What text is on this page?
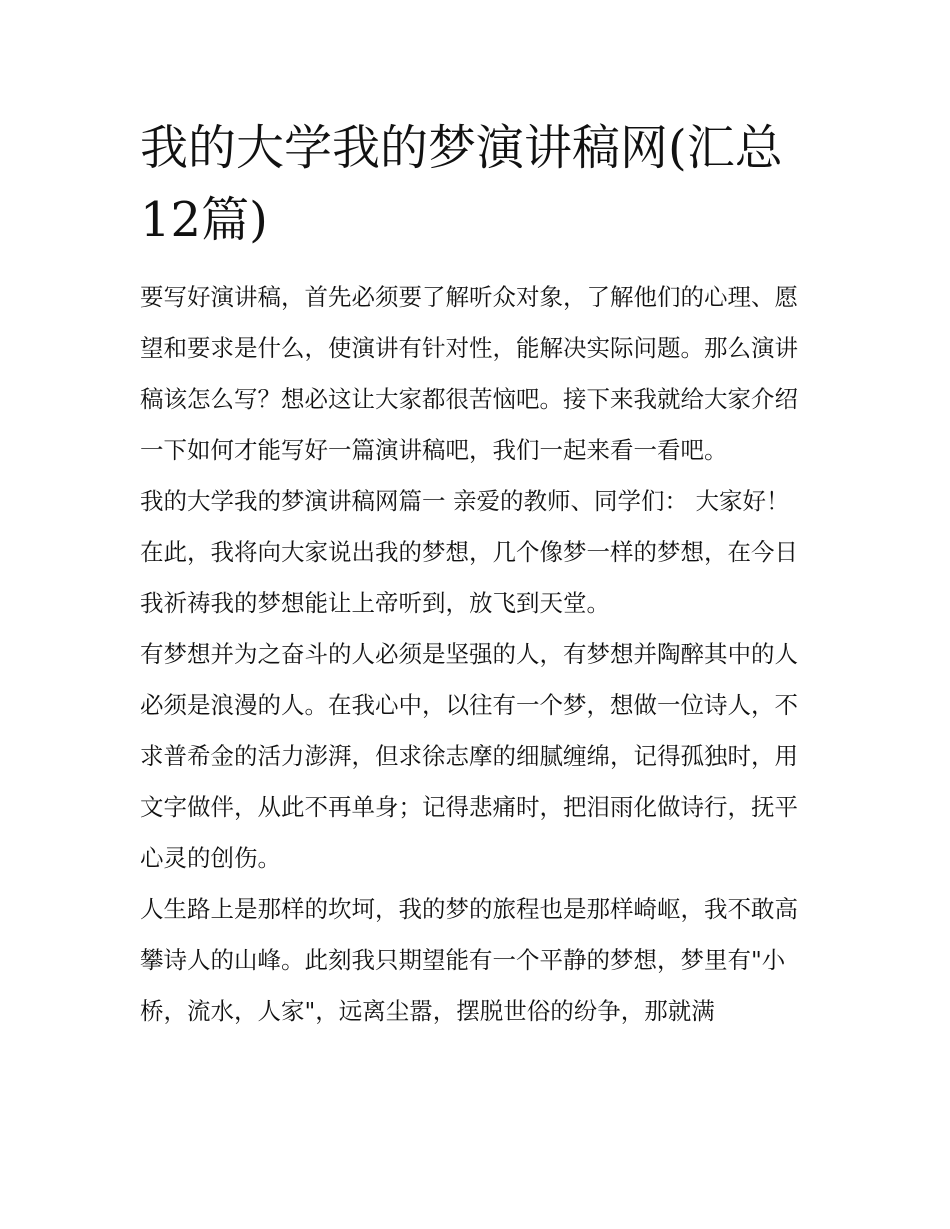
我的大学我的梦演讲稿网(汇总12篇)

要写好演讲稿，首先必须要了解听众对象，了解他们的心理、愿望和要求是什么，使演讲有针对性，能解决实际问题。那么演讲稿该怎么写？想必这让大家都很苦恼吧。接下来我就给大家介绍一下如何才能写好一篇演讲稿吧，我们一起来看一看吧。

我的大学我的梦演讲稿网篇一 亲爱的教师、同学们： 大家好！ 在此，我将向大家说出我的梦想，几个像梦一样的梦想，在今日我祈祷我的梦想能让上帝听到，放飞到天堂。

有梦想并为之奋斗的人必须是坚强的人，有梦想并陶醉其中的人必须是浪漫的人。在我心中，以往有一个梦，想做一位诗人，不求普希金的活力澎湃，但求徐志摩的细腻缠绵，记得孤独时，用文字做伴，从此不再单身；记得悲痛时，把泪雨化做诗行，抚平心灵的创伤。

人生路上是那样的坎坷，我的梦的旅程也是那样崎岖，我不敢高攀诗人的山峰。此刻我只期望能有一个平静的梦想，梦里有"小桥，流水，人家"，远离尘嚣，摆脱世俗的纷争，那就满
